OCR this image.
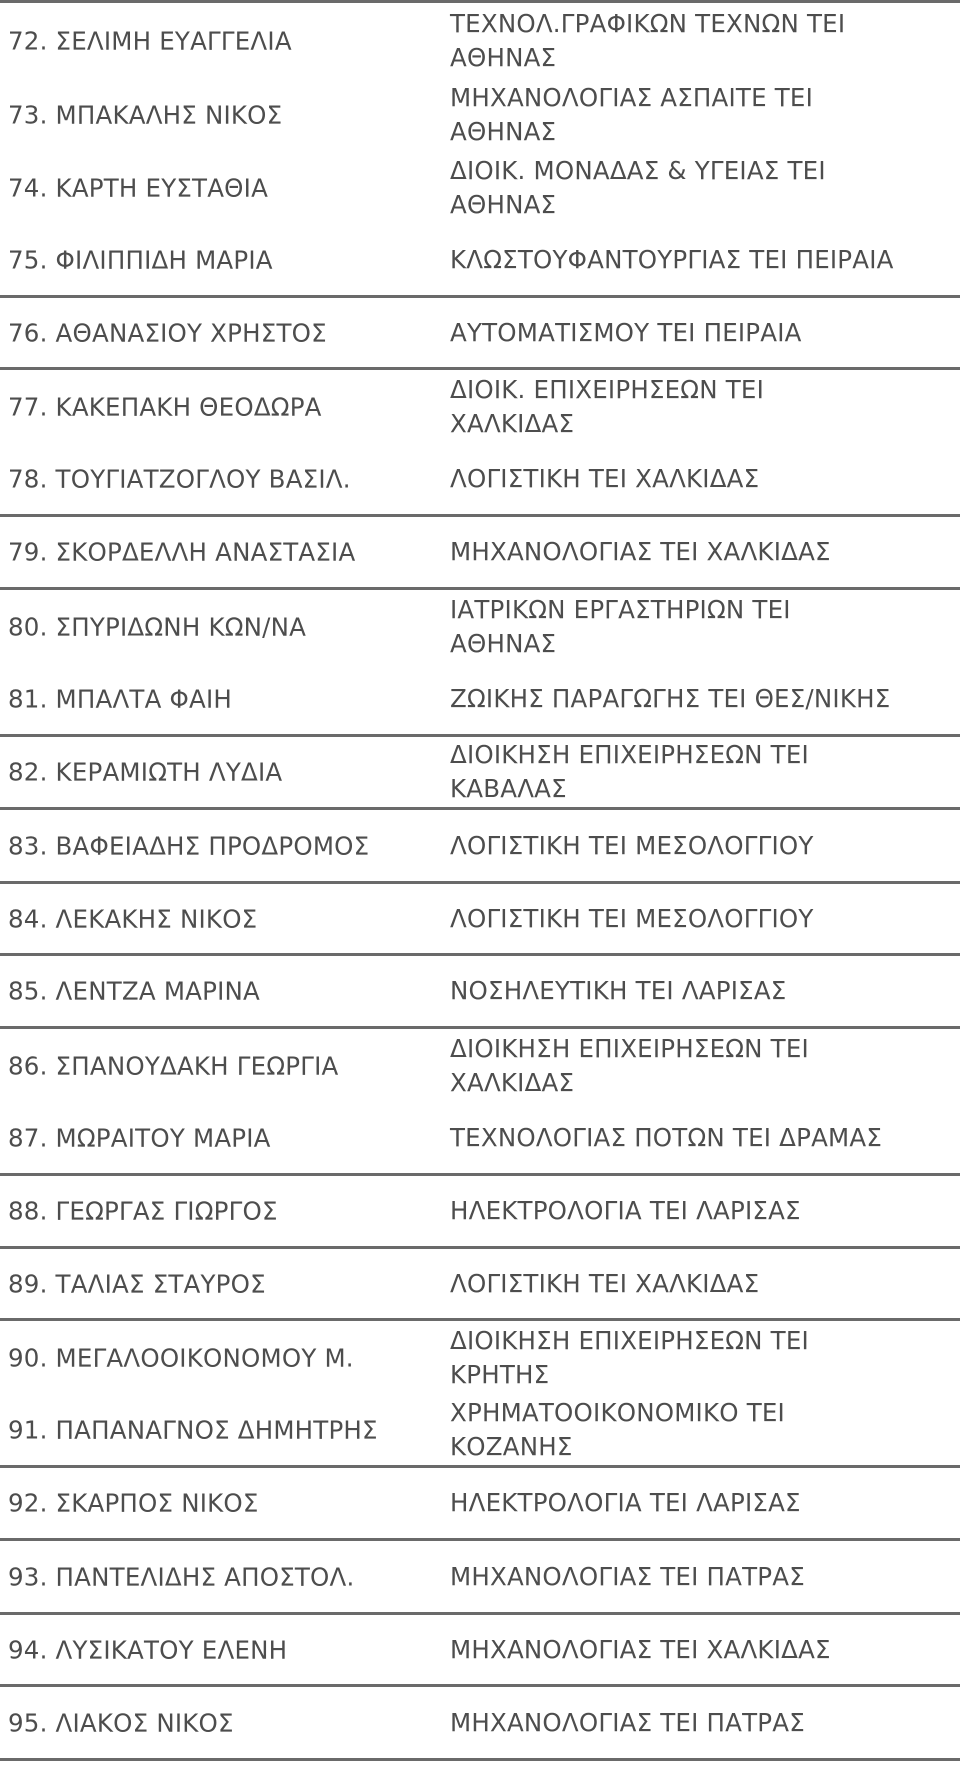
72. ΣΕΛΙΜΗ ΕΥΑΓΓΕΛΙΑ
ΤΕΧΝΟΛ.ΓΡΑΦΙΚΩΝ ΤΕΧΝΩΝ ΤΕΙ
ΑΘΗΝΑΣ
73. ΜΠΑΚΑΛΗΣ ΝΙΚΟΣ
ΜΗΧΑΝΟΛΟΓΙΑΣ ΑΣΠΑΙΤΕ ΤΕΙ
ΑΘΗΝΑΣ
74. ΚΑΡΤΗ ΕΥΣΤΑΘΙΑ
ΔΙΟΙΚ. ΜΟΝΑΔΑΣ & ΥΓΕΙΑΣ ΤΕΙ
ΑΘΗΝΑΣ
75. ΦΙΛΙΠΠΙΔΗ ΜΑΡΙΑ	ΚΛΩΣΤΟΥΦΑΝΤΟΥΡΓΙΑΣ ΤΕΙ ΠΕΙΡΑΙΑ
76. ΑΘΑΝΑΣΙΟΥ ΧΡΗΣΤΟΣ	ΑΥΤΟΜΑΤΙΣΜΟΥ ΤΕΙ ΠΕΙΡΑΙΑ
77. ΚΑΚΕΠΑΚΗ ΘΕΟΔΩΡΑ
ΔΙΟΙΚ. ΕΠΙΧΕΙΡΗΣΕΩΝ ΤΕΙ
ΧΑΛΚΙΔΑΣ
78. ΤΟΥΓΙΑΤΖΟΓΛΟΥ ΒΑΣΙΛ.	ΛΟΓΙΣΤΙΚΗ ΤΕΙ ΧΑΛΚΙΔΑΣ
79. ΣΚΟΡΔΕΛΛΗ ΑΝΑΣΤΑΣΙΑ	ΜΗΧΑΝΟΛΟΓΙΑΣ ΤΕΙ ΧΑΛΚΙΔΑΣ
80. ΣΠΥΡΙΔΩΝΗ ΚΩΝ/ΝΑ
ΙΑΤΡΙΚΩΝ ΕΡΓΑΣΤΗΡΙΩΝ ΤΕΙ
ΑΘΗΝΑΣ
81. ΜΠΑΛΤΑ ΦΑΙΗ	ΖΩΙΚΗΣ ΠΑΡΑΓΩΓΗΣ ΤΕΙ ΘΕΣ/ΝΙΚΗΣ
82. ΚΕΡΑΜΙΩΤΗ ΛΥΔΙΑ
ΔΙΟΙΚΗΣΗ ΕΠΙΧΕΙΡΗΣΕΩΝ ΤΕΙ
ΚΑΒΑΛΑΣ
83. ΒΑΦΕΙΑΔΗΣ ΠΡΟΔΡΟΜΟΣ	ΛΟΓΙΣΤΙΚΗ ΤΕΙ ΜΕΣΟΛΟΓΓΙΟΥ
84. ΛΕΚΑΚΗΣ ΝΙΚΟΣ	ΛΟΓΙΣΤΙΚΗ ΤΕΙ ΜΕΣΟΛΟΓΓΙΟΥ
85. ΛΕΝΤΖΑ ΜΑΡΙΝΑ	ΝΟΣΗΛΕΥΤΙΚΗ ΤΕΙ ΛΑΡΙΣΑΣ
86. ΣΠΑΝΟΥΔΑΚΗ ΓΕΩΡΓΙΑ
ΔΙΟΙΚΗΣΗ ΕΠΙΧΕΙΡΗΣΕΩΝ ΤΕΙ
ΧΑΛΚΙΔΑΣ
87. ΜΩΡΑΙΤΟΥ ΜΑΡΙΑ	ΤΕΧΝΟΛΟΓΙΑΣ ΠΟΤΩΝ ΤΕΙ ΔΡΑΜΑΣ
88. ΓΕΩΡΓΑΣ ΓΙΩΡΓΟΣ	ΗΛΕΚΤΡΟΛΟΓΙΑ ΤΕΙ ΛΑΡΙΣΑΣ
89. ΤΑΛΙΑΣ ΣΤΑΥΡΟΣ	ΛΟΓΙΣΤΙΚΗ ΤΕΙ ΧΑΛΚΙΔΑΣ
90. ΜΕΓΑΛΟΟΙΚΟΝΟΜΟΥ Μ.
ΔΙΟΙΚΗΣΗ ΕΠΙΧΕΙΡΗΣΕΩΝ ΤΕΙ
ΚΡΗΤΗΣ
91. ΠΑΠΑΝΑΓΝΟΣ ΔΗΜΗΤΡΗΣ
ΧΡΗΜΑΤΟΟΙΚΟΝΟΜΙΚΟ ΤΕΙ
ΚΟΖΑΝΗΣ
92. ΣΚΑΡΠΟΣ ΝΙΚΟΣ	ΗΛΕΚΤΡΟΛΟΓΙΑ ΤΕΙ ΛΑΡΙΣΑΣ
93. ΠΑΝΤΕΛΙΔΗΣ ΑΠΟΣΤΟΛ.	ΜΗΧΑΝΟΛΟΓΙΑΣ ΤΕΙ ΠΑΤΡΑΣ
94. ΛΥΣΙΚΑΤΟΥ ΕΛΕΝΗ	ΜΗΧΑΝΟΛΟΓΙΑΣ ΤΕΙ ΧΑΛΚΙΔΑΣ
95. ΛΙΑΚΟΣ ΝΙΚΟΣ	ΜΗΧΑΝΟΛΟΓΙΑΣ ΤΕΙ ΠΑΤΡΑΣ
